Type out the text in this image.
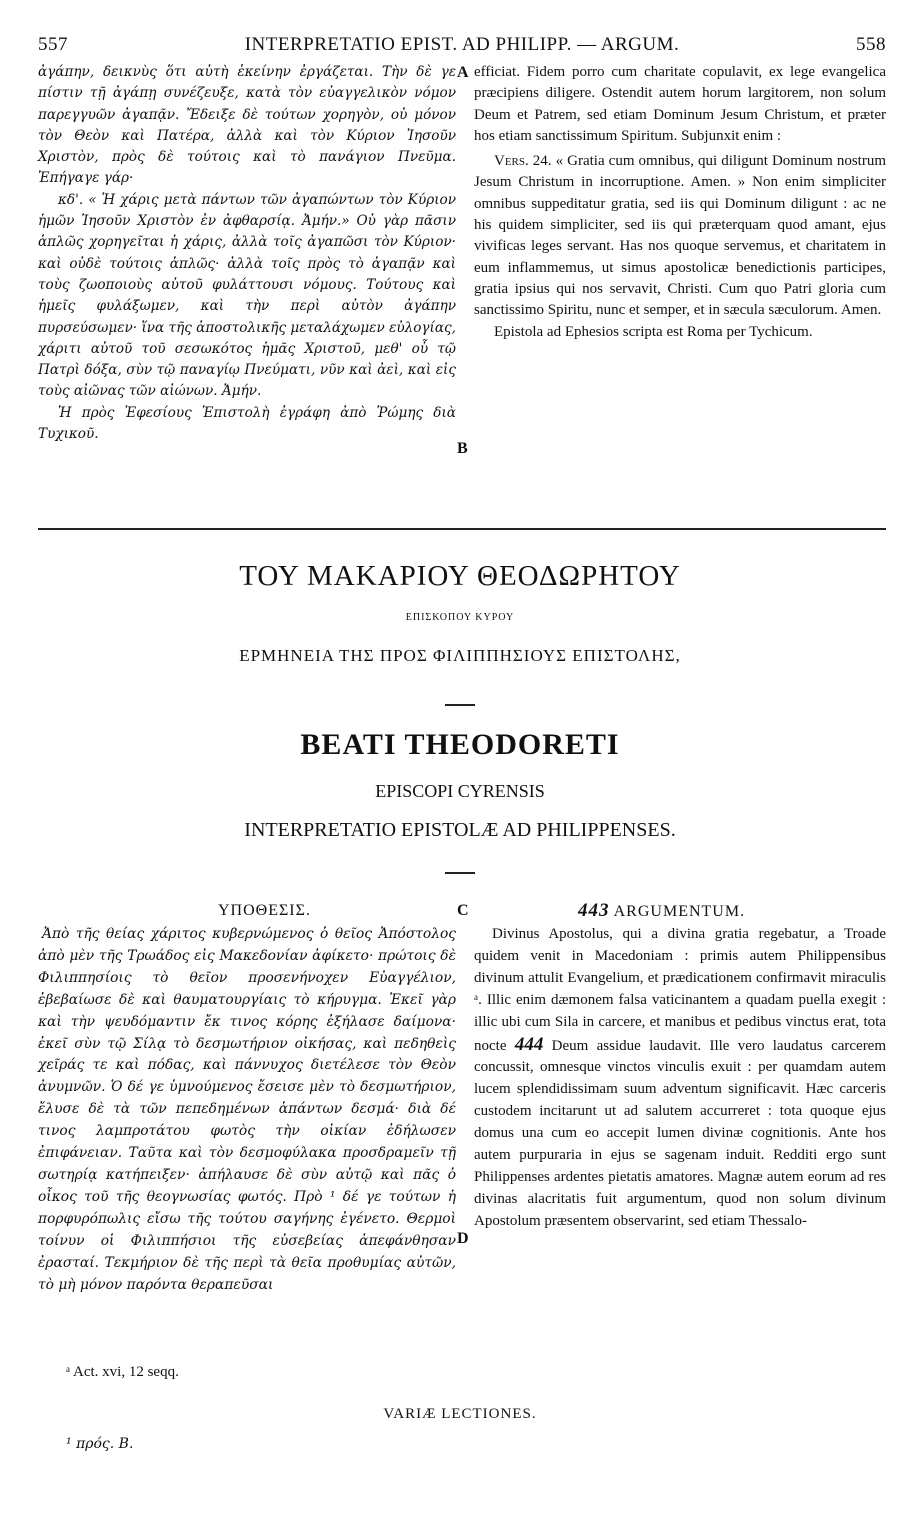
557	INTERPRETATIO EPIST. AD PHILIPP. — ARGUM.	558

ἀγάπην, δεικνὺς ὅτι αὐτὴ ἐκείνην ἐργάζεται. Τὴν δὲ γε πίστιν τῇ ἀγάπῃ συνέζευξε, κατὰ τὸν εὐαγγελικὸν νόμον παρεγγυῶν ἀγαπᾷν. Ἔδειξε δὲ τούτων χορηγὸν, οὐ μόνον τὸν Θεὸν καὶ Πατέρα, ἀλλὰ καὶ τὸν Κύριον Ἰησοῦν Χριστὸν, πρὸς δὲ τούτοις καὶ τὸ πανάγιον Πνεῦμα. Ἐπήγαγε γάρ·

κδ'. « Ἡ χάρις μετὰ πάντων τῶν ἀγαπώντων τὸν Κύριον ἡμῶν Ἰησοῦν Χριστὸν ἐν ἀφθαρσίᾳ. Ἀμήν.» Οὐ γὰρ πᾶσιν ἁπλῶς χορηγεῖται ἡ χάρις, ἀλλὰ τοῖς ἀγαπῶσι τὸν Κύριον· καὶ οὐδὲ τούτοις ἁπλῶς· ἀλλὰ τοῖς πρὸς τὸ ἀγαπᾷν καὶ τοὺς ζωοποιοὺς αὐτοῦ φυλάττουσι νόμους. Τούτους καὶ ἡμεῖς φυλάξωμεν, καὶ τὴν περὶ αὐτὸν ἀγάπην πυρσεύσωμεν· ἵνα τῆς ἀποστολικῆς μεταλάχωμεν εὐλογίας, χάριτι αὐτοῦ τοῦ σεσωκότος ἡμᾶς Χριστοῦ, μεθ' οὗ τῷ Πατρὶ δόξα, σὺν τῷ παναγίῳ Πνεύματι, νῦν καὶ ἀεὶ, καὶ εἰς τοὺς αἰῶνας τῶν αἰώνων. Ἀμήν.

Ἡ πρὸς Ἐφεσίους Ἐπιστολὴ ἐγράφη ἀπὸ Ῥώμης διὰ Τυχικοῦ.

A
B

efficiat. Fidem porro cum charitate copulavit, ex lege evangelica præcipiens diligere. Ostendit autem horum largitorem, non solum Deum et Patrem, sed etiam Dominum Jesum Christum, et præter hos etiam sanctissimum Spiritum. Subjunxit enim :

Vers. 24. « Gratia cum omnibus, qui diligunt Dominum nostrum Jesum Christum in incorruptione. Amen. » Non enim simpliciter omnibus suppeditatur gratia, sed iis qui Dominum diligunt : ac ne his quidem simpliciter, sed iis qui præterquam quod amant, ejus vivificas leges servant. Has nos quoque servemus, et charitatem in eum inflammemus, ut simus apostolicæ benedictionis participes, gratia ipsius qui nos servavit, Christi. Cum quo Patri gloria cum sanctissimo Spiritu, nunc et semper, et in sæcula sæculorum. Amen.

Epistola ad Ephesios scripta est Roma per Tychicum.

ΤΟΥ ΜΑΚΑΡΙΟΥ ΘΕΟΔΩΡΗΤΟΥ
ΕΠΙΣΚΟΠΟΥ ΚΥΡΟΥ
ΕΡΜΗΝΕΙΑ ΤΗΣ ΠΡΟΣ ΦΙΛΙΠΠΗΣΙΟΥΣ ΕΠΙΣΤΟΛΗΣ,
BEATI THEODORETI
EPISCOPI CYRENSIS
INTERPRETATIO EPISTOLÆ AD PHILIPPENSES.
ΥΠΟΘΕΣΙΣ.	C	443 ARGUMENTUM.

Ἀπὸ τῆς θείας χάριτος κυβερνώμενος ὁ θεῖος Ἀπόστολος ἀπὸ μὲν τῆς Τρωάδος εἰς Μακεδονίαν ἀφίκετο· πρώτοις δὲ Φιλιππησίοις τὸ θεῖον προσενήνοχεν Εὐαγγέλιον, ἐβεβαίωσε δὲ καὶ θαυματουργίαις τὸ κήρυγμα. Ἐκεῖ γὰρ καὶ τὴν ψευδόμαντιν ἔκ τινος κόρης ἐξήλασε δαίμονα· ἐκεῖ σὺν τῷ Σίλᾳ τὸ δεσμωτήριον οἰκήσας, καὶ πεδηθεὶς χεῖράς τε καὶ πόδας, καὶ πάννυχος διετέλεσε τὸν Θεὸν ἀνυμνῶν. Ὁ δέ γε ὑμνούμενος ἔσεισε μὲν τὸ δεσμωτήριον, ἔλυσε δὲ τὰ τῶν πεπεδημένων ἁπάντων δεσμά· διὰ δέ τινος λαμπροτάτου φωτὸς τὴν οἰκίαν ἐδήλωσεν ἐπιφάνειαν. Ταῦτα καὶ τὸν δεσμοφύλακα προσδραμεῖν τῇ σωτηρίᾳ κατήπειξεν· ἀπήλαυσε δὲ σὺν αὐτῷ καὶ πᾶς ὁ οἶκος τοῦ τῆς θεογνωσίας φωτός. Πρὸ ¹ δέ γε τούτων ἡ πορφυρόπωλις εἴσω τῆς τούτου σαγήνης ἐγένετο. Θερμοὶ τοίνυν οἱ Φιλιππήσιοι τῆς εὐσεβείας ἀπεφάνθησαν ἐρασταί. Τεκμήριον δὲ τῆς περὶ τὰ θεῖα προθυμίας αὐτῶν, τὸ μὴ μόνον παρόντα θεραπεῦσαι

D

Divinus Apostolus, qui a divina gratia regebatur, a Troade quidem venit in Macedoniam : primis autem Philippensibus divinum attulit Evangelium, et prædicationem confirmavit miraculis ᵃ. Illic enim dæmonem falsa vaticinantem a quadam puella exegit : illic ubi cum Sila in carcere, et manibus et pedibus vinctus erat, tota nocte 444 Deum assidue laudavit. Ille vero laudatus carcerem concussit, omnesque vinctos vinculis exuit : per quamdam autem lucem splendidissimam suum adventum significavit. Hæc carceris custodem incitarunt ut ad salutem accurreret : tota quoque ejus domus una cum eo accepit lumen divinæ cognitionis. Ante hos autem purpuraria in ejus se sagenam induit. Redditi ergo sunt Philippenses ardentes pietatis amatores. Magnæ autem eorum ad res divinas alacritatis fuit argumentum, quod non solum divinum Apostolum præsentem observarint, sed etiam Thessalo-

ᵃ Act. xvi, 12 seqq.
VARIÆ LECTIONES.
¹ πρός. B.
